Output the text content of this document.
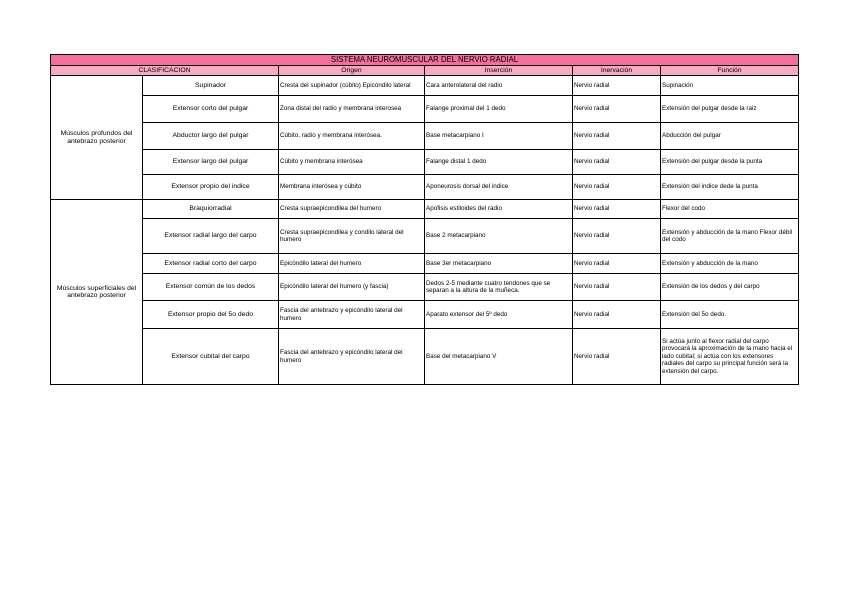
SISTEMA NEUROMUSCULAR DEL NERVIO RADIAL					
CLASIFICACION		Origen	Inserción	Inervación	Función
Músculos profundos del antebrazo posterior	Supinador	Cresta del supinador (cúbito) Epicóndilo lateral	Cara anterolateral del radio	Nervio radial	Supinación
	Extensor corto del pulgar	Zona distal del radio y membrana interosea	Falange proximal del 1 dedo	Nervio radial	Extensión del pulgar desde la raiz
	Abductor largo del pulgar	Cúbito, radio y membrana interósea.	Base metacarpiano I	Nervio radial	Abducción del pulgar
	Extensor largo del pulgar	Cúbito y membrana interósea	Falange distal 1 dedo	Nervio radial	Extensión del pulgar desde la punta
	Extensor propio del indice	Membrana interósea y cúbito	Aponeurosis dorsal del indice	Nervio radial	Extensión del indice dede la punta
Músculos superficiales del antebrazo posterior	Braquiorradial	Cresta supraepicondilea del humero	Apofisis estiloides del radio	Nervio radial	Flexor del codo
	Extensor radial largo del carpo	Cresta supraepicondilea y condilo lateral del humero	Base 2 metacarpiano	Nervio radial	Extensión y abducción de la mano Flexor débil del codo
	Extensor radial corto del carpo	Epicóndilo lateral del humero	Base 3er metacarpiano	Nervio radial	Extensión y abducción de la mano
	Extensor común de los dedos	Epicóndilo lateral del humero (y fascia)	Dedos 2-5 mediante cuatro tendones que se separan a la altura de la muñeca.	Nervio radial	Extensión de los dedos y del carpo
	Extensor propio del 5o dedo	Fascia del antebrazo y epicóndilo lateral del humero	Aparato extensor del 5º dedo	Nervio radial	Extensión del 5o dedo.
	Extensor cubital del carpo	Fascia del antebrazo y epicóndilo lateral del humero	Base del metacarpiano V	Nervio radial	Si actúa junto al flexor radial del carpo provocará la aproximación de la mano hacia el lado cubital; si actúa con los extensores radiales del carpo su principal función será la extensión del carpo.
